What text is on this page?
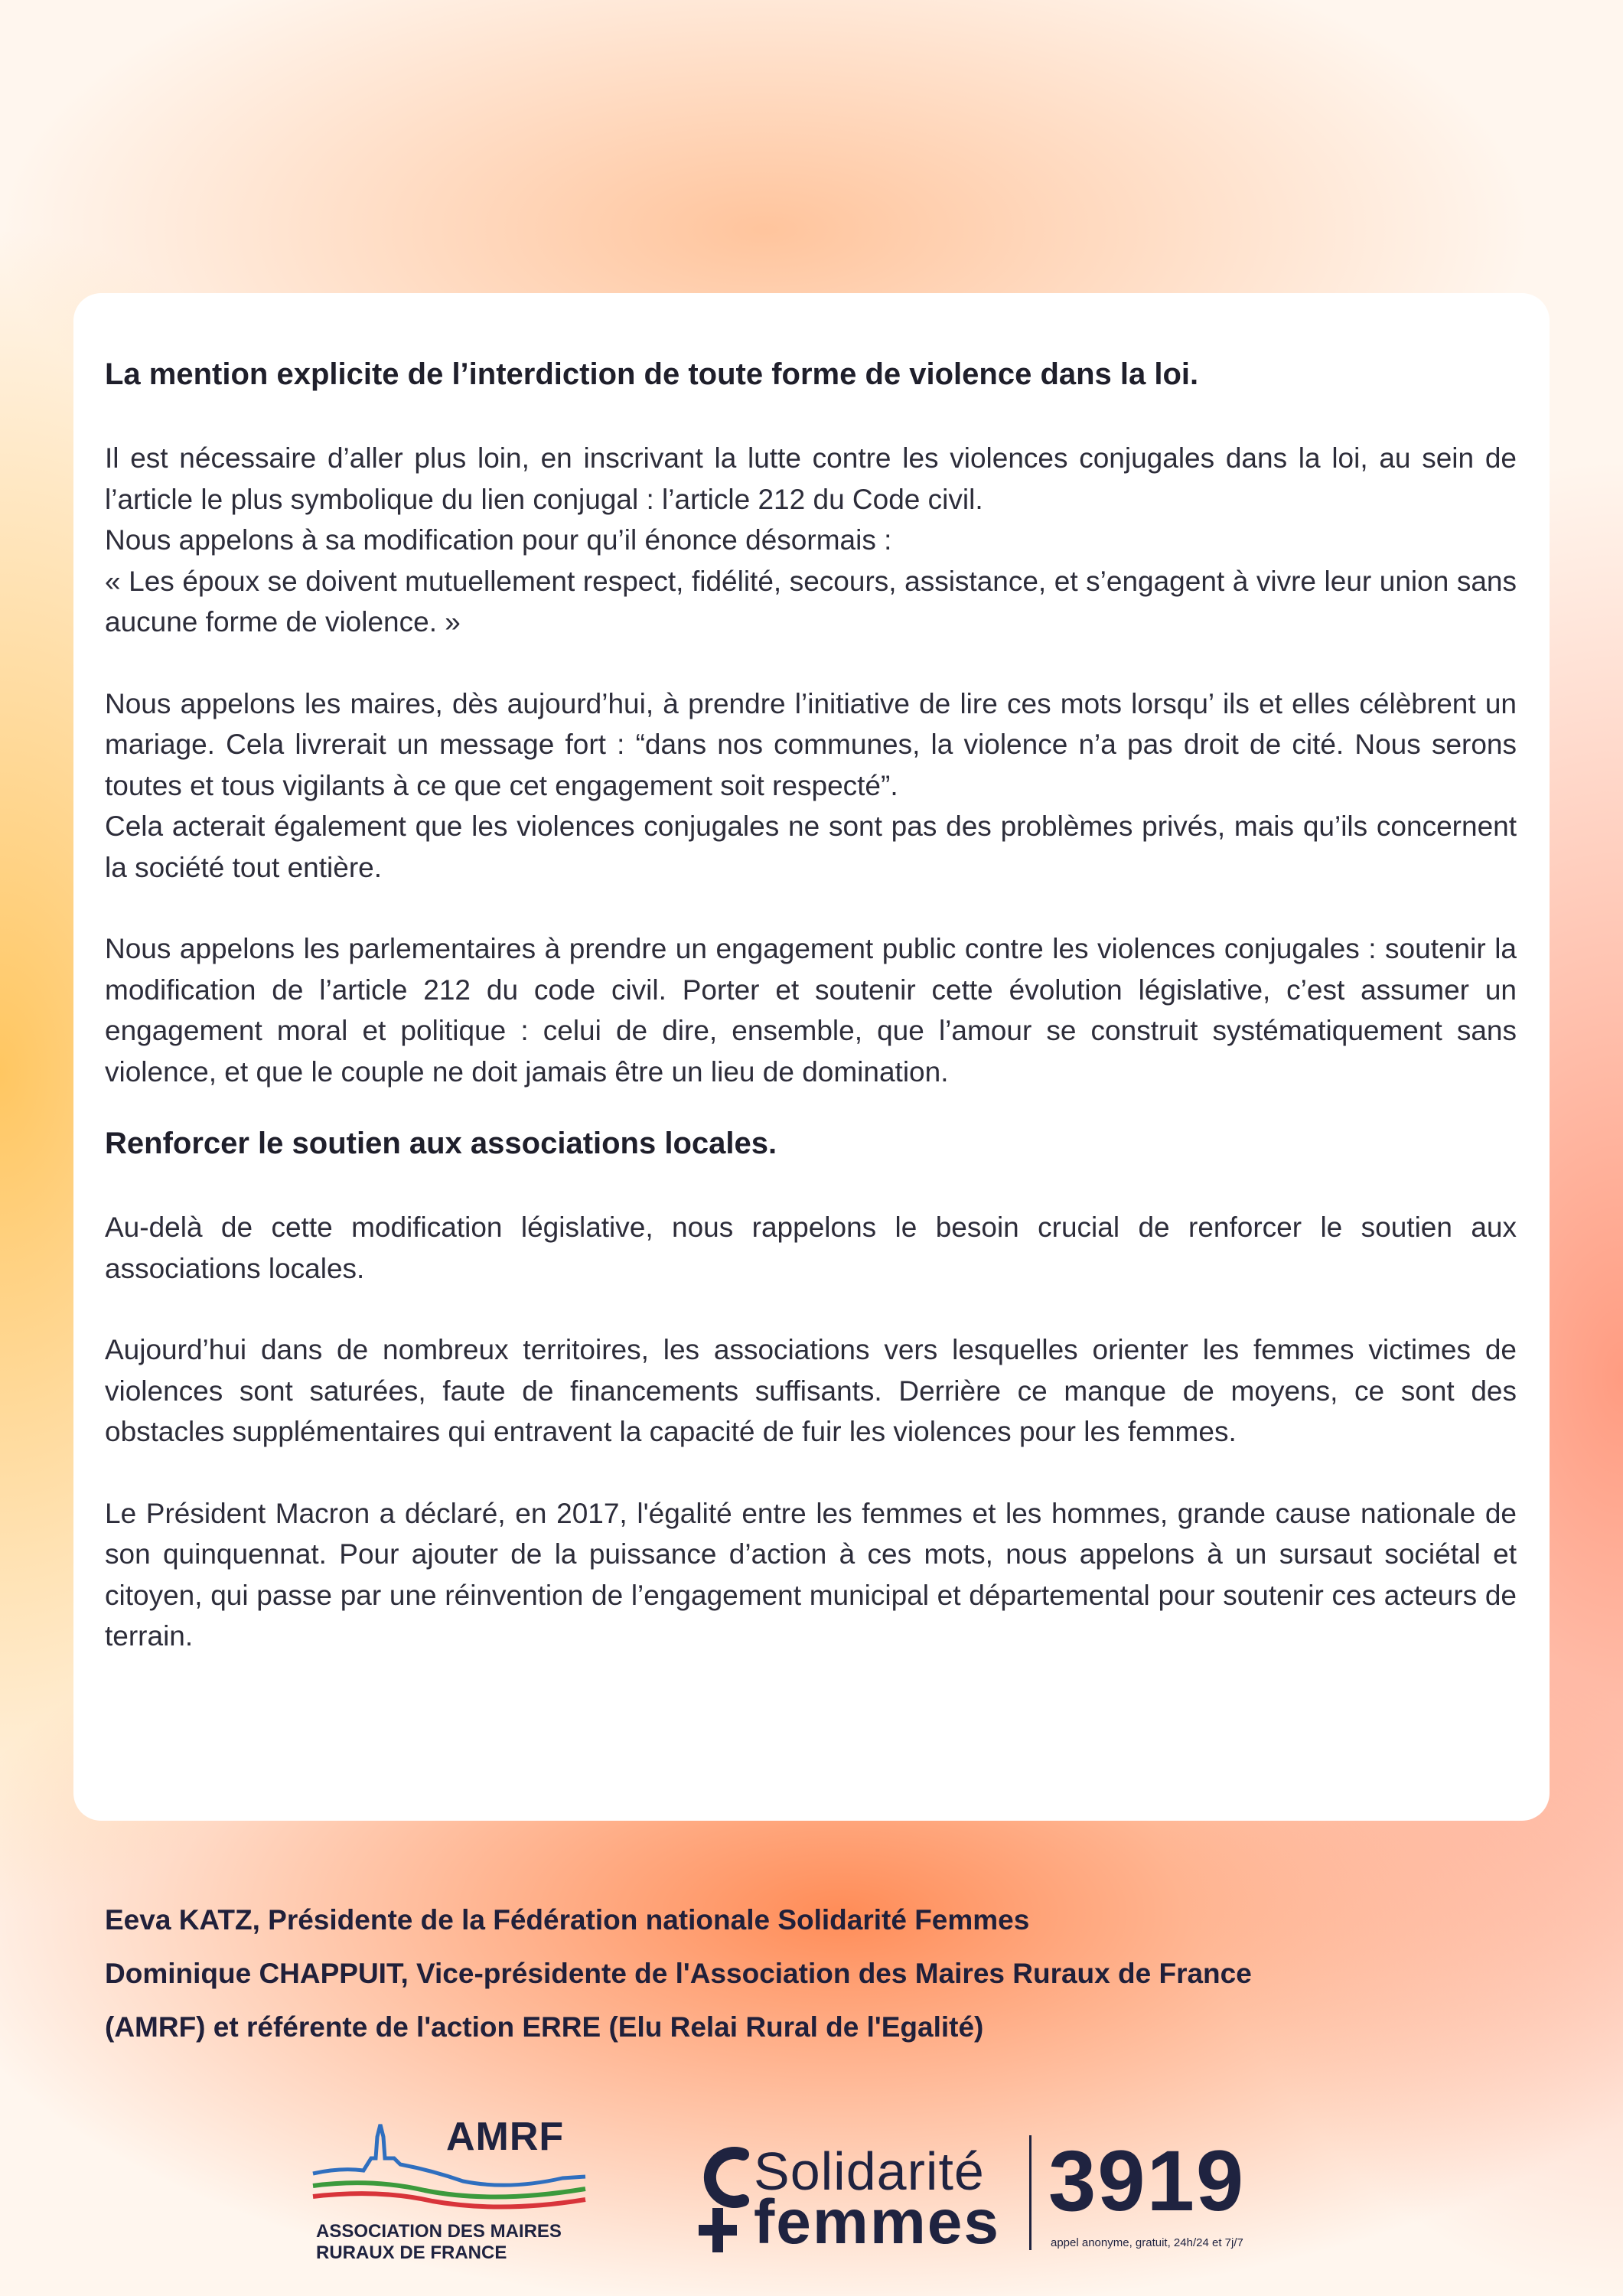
La mention explicite de l’interdiction de toute forme de violence dans la loi.

Il est nécessaire d’aller plus loin, en inscrivant la lutte contre les violences conjugales dans la loi, au sein de l’article le plus symbolique du lien conjugal : l’article 212 du Code civil.

Nous appelons à sa modification pour qu’il énonce désormais :

« Les époux se doivent mutuellement respect, fidélité, secours, assistance, et s’engagent à vivre leur union sans aucune forme de violence. »

Nous appelons les maires, dès aujourd’hui, à prendre l’initiative de lire ces mots lorsqu’ ils et elles célèbrent un mariage. Cela livrerait un message fort : “dans nos communes, la violence n’a pas droit de cité. Nous serons toutes et tous vigilants à ce que cet engagement soit respecté”.

Cela acterait également que les violences conjugales ne sont pas des problèmes privés, mais qu’ils concernent la société tout entière.

Nous appelons les parlementaires à prendre un engagement public contre les violences conjugales : soutenir la modification de l’article 212 du code civil. Porter et soutenir cette évolution législative, c’est assumer un engagement moral et politique : celui de dire, ensemble, que l’amour se construit systématiquement sans violence, et que le couple ne doit jamais être un lieu de domination.

Renforcer le soutien aux associations locales.

Au-delà de cette modification législative, nous rappelons le besoin crucial de renforcer le soutien aux associations locales.

Aujourd’hui dans de nombreux territoires, les associations vers lesquelles orienter les femmes victimes de violences sont saturées, faute de financements suffisants. Derrière ce manque de moyens, ce sont des obstacles supplémentaires qui entravent la capacité de fuir les violences pour les femmes.

Le Président Macron a déclaré, en 2017, l'égalité entre les femmes et les hommes, grande cause nationale de son quinquennat. Pour ajouter de la puissance d’action à ces mots, nous appelons à un sursaut sociétal et citoyen, qui passe par une réinvention de l’engagement municipal et départemental pour soutenir ces acteurs de terrain.

Eeva KATZ, Présidente de la Fédération nationale Solidarité Femmes
Dominique CHAPPUIT, Vice-présidente de l'Association des Maires Ruraux de France
(AMRF) et référente de l'action ERRE (Elu Relai Rural de l'Egalité)
AMRF
ASSOCIATION DES MAIRES
RURAUX DE FRANCE
Solidarité
femmes 3919
appel anonyme, gratuit, 24h/24 et 7j/7
